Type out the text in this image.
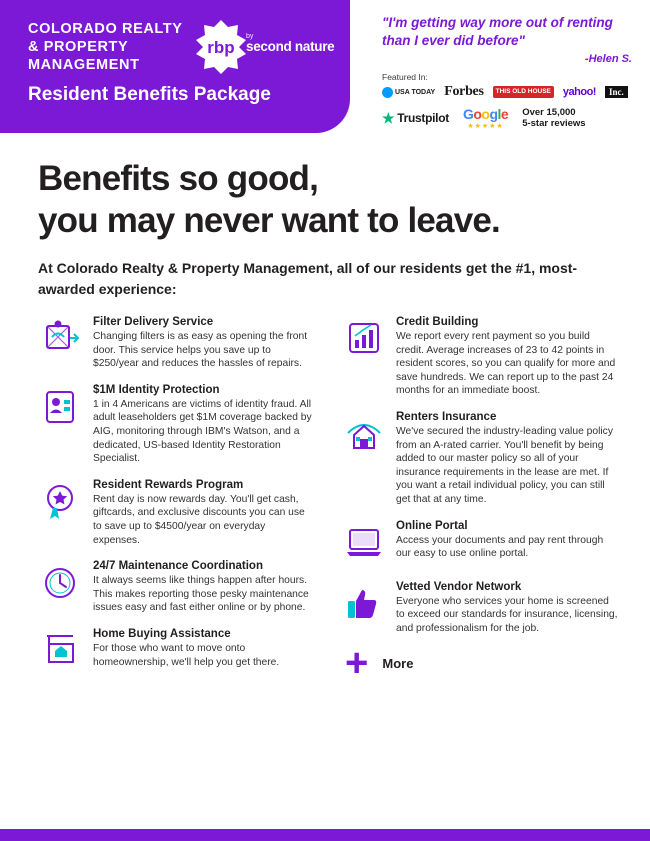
COLORADO REALTY
& PROPERTY
MANAGEMENT
rbp
by
second nature
Resident Benefits Package
"I'm getting way more out of renting than I ever did before"
-Helen S.
Featured In:
USA TODAY Forbes	THIS OLD HOUSE yahoo!	Inc.
★ Trustpilot Google
★★★★★
Over 15,000
5-star reviews
Benefits so good,
you may never want to leave.
At Colorado Realty & Property Management, all of our residents get the #1, most-awarded experience:
Filter Delivery Service
Changing filters is as easy as opening the front door. This service helps you save up to $250/year and reduces the hassles of repairs.
$1M Identity Protection
1 in 4 Americans are victims of identity fraud. All adult leaseholders get $1M coverage backed by AIG, monitoring through IBM's Watson, and a dedicated, US-based Identity Restoration Specialist.
Resident Rewards Program
Rent day is now rewards day. You'll get cash, giftcards, and exclusive discounts you can use to save up to $4500/year on everyday expenses.
24/7 Maintenance Coordination
It always seems like things happen after hours. This makes reporting those pesky maintenance issues easy and fast either online or by phone.
Home Buying Assistance
For those who want to move onto homeownership, we'll help you get there.
Credit Building
We report every rent payment so you build credit. Average increases of 23 to 42 points in resident scores, so you can qualify for more and save hundreds. We can report up to the past 24 months for an immediate boost.
Renters Insurance
We've secured the industry-leading value policy from an A-rated carrier. You'll benefit by being added to our master policy so all of your insurance requirements in the lease are met. If you want a retail individual policy, you can still get that at any time.
Online Portal
Access your documents and pay rent through our easy to use online portal.
Vetted Vendor Network
Everyone who services your home is screened to exceed our standards for insurance, licensing, and professionalism for the job.
+ More
